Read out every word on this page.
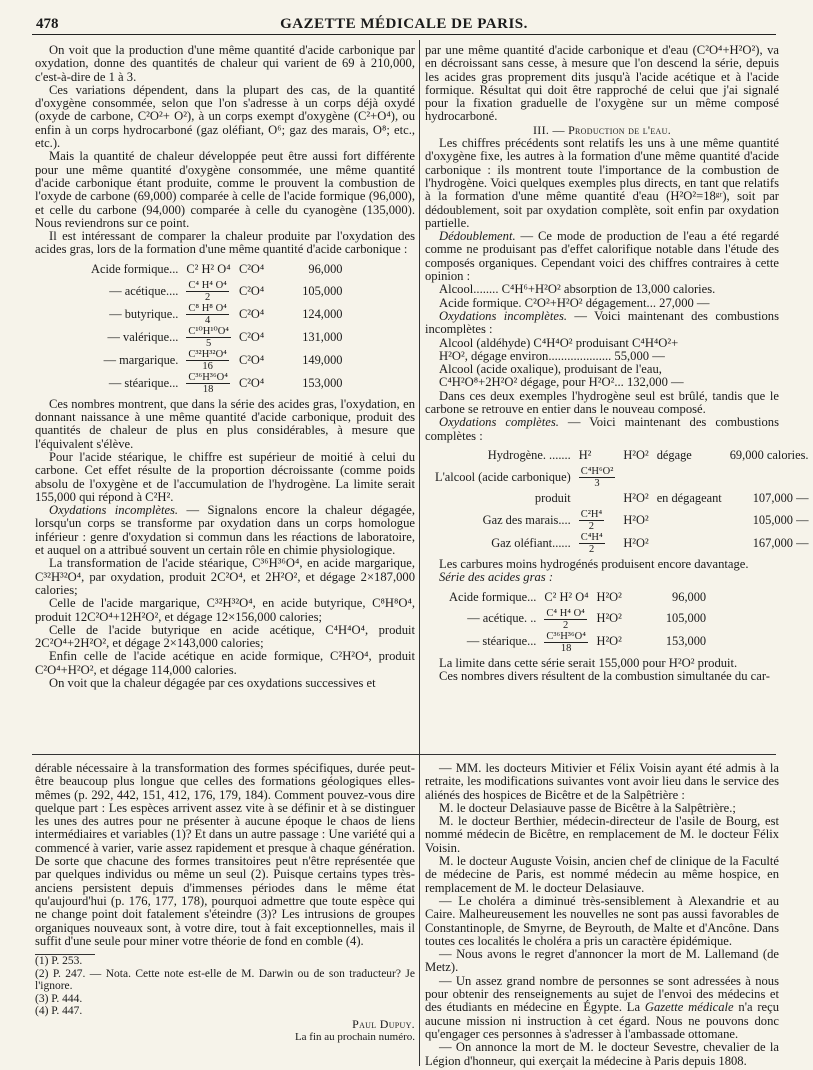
478	GAZETTE MÉDICALE DE PARIS.

On voit que la production d'une même quantité d'acide carbonique par oxydation, donne des quantités de chaleur qui varient de 69 à 210,000, c'est-à-dire de 1 à 3.

Ces variations dépendent, dans la plupart des cas, de la quantité d'oxygène consommée, selon que l'on s'adresse à un corps déjà oxydé (oxyde de carbone, C²O²+ O²), à un corps exempt d'oxygène (C²+O⁴), ou enfin à un corps hydrocarboné (gaz oléfiant, O⁶; gaz des marais, O⁸; etc., etc.).

Mais la quantité de chaleur développée peut être aussi fort différente pour une même quantité d'oxygène consommée, une même quantité d'acide carbonique étant produite, comme le prouvent la combustion de l'oxyde de carbone (69,000) comparée à celle de l'acide formique (96,000), et celle du carbone (94,000) comparée à celle du cyanogène (135,000). Nous reviendrons sur ce point.

Il est intéressant de comparer la chaleur produite par l'oxydation des acides gras, lors de la formation d'une même quantité d'acide carbonique :

Acide formique...	C² H² O⁴	C²O⁴	96,000
— acétique....	$\frac{\text{C⁴ H⁴ O⁴}}{2}$	C²O⁴	105,000
— butyrique..	$\frac{\text{C⁸ H⁸ O⁴}}{4}$	C²O⁴	124,000
— valérique...	$\frac{\text{C¹⁰H¹⁰O⁴}}{5}$	C²O⁴	131,000
— margarique.	$\frac{\text{C³²H³²O⁴}}{16}$	C²O⁴	149,000
— stéarique...	$\frac{\text{C³⁶H³⁶O⁴}}{18}$	C²O⁴	153,000

Ces nombres montrent, que dans la série des acides gras, l'oxydation, en donnant naissance à une même quantité d'acide carbonique, produit des quantités de chaleur de plus en plus considérables, à mesure que l'équivalent s'élève.

Pour l'acide stéarique, le chiffre est supérieur de moitié à celui du carbone. Cet effet résulte de la proportion décroissante (comme poids absolu de l'oxygène et de l'accumulation de l'hydrogène. La limite serait 155,000 qui répond à C²H².

Oxydations incomplètes. — Signalons encore la chaleur dégagée, lorsqu'un corps se transforme par oxydation dans un corps homologue inférieur : genre d'oxydation si commun dans les réactions de laboratoire, et auquel on a attribué souvent un certain rôle en chimie physiologique.

La transformation de l'acide stéarique, C³⁶H³⁶O⁴, en acide margarique, C³²H³²O⁴, par oxydation, produit 2C²O⁴, et 2H²O², et dégage 2×187,000 calories;

Celle de l'acide margarique, C³²H³²O⁴, en acide butyrique, C⁸H⁸O⁴, produit 12C²O⁴+12H²O², et dégage 12×156,000 calories;

Celle de l'acide butyrique en acide acétique, C⁴H⁴O⁴, produit 2C²O⁴+2H²O², et dégage 2×143,000 calories;

Enfin celle de l'acide acétique en acide formique, C²H²O⁴, produit C²O⁴+H²O², et dégage 114,000 calories.

On voit que la chaleur dégagée par ces oxydations successives et

par une même quantité d'acide carbonique et d'eau (C²O⁴+H²O²), va en décroissant sans cesse, à mesure que l'on descend la série, depuis les acides gras proprement dits jusqu'à l'acide acétique et à l'acide formique. Résultat qui doit être rapproché de celui que j'ai signalé pour la fixation graduelle de l'oxygène sur un même composé hydrocarboné.

III. — Production de l'eau.

Les chiffres précédents sont relatifs les uns à une même quantité d'oxygène fixe, les autres à la formation d'une même quantité d'acide carbonique : ils montrent toute l'importance de la combustion de l'hydrogène. Voici quelques exemples plus directs, en tant que relatifs à la formation d'une même quantité d'eau (H²O²=18ᵍʳ), soit par dédoublement, soit par oxydation complète, soit enfin par oxydation partielle.

Dédoublement. — Ce mode de production de l'eau a été regardé comme ne produisant pas d'effet calorifique notable dans l'étude des composés organiques. Cependant voici des chiffres contraires à cette opinion :

Alcool........ C⁴H⁶+H²O² absorption de 13,000 calories.

Acide formique. C²O²+H²O² dégagement... 27,000 —

Oxydations incomplètes. — Voici maintenant des combustions incomplètes :

Alcool (aldéhyde) C⁴H⁴O² produisant C⁴H⁴O²+

H²O², dégage environ.................... 55,000 —

Alcool (acide oxalique), produisant de l'eau,

C⁴H²O⁸+2H²O² dégage, pour H²O²... 132,000 —

Dans ces deux exemples l'hydrogène seul est brûlé, tandis que le carbone se retrouve en entier dans le nouveau composé.

Oxydations complètes. — Voici maintenant des combustions complètes :

Hydrogène. .......	H²	H²O²	dégage	69,000 calories.
L'alcool (acide carbonique)	$\frac{\text{C⁴H⁶O²}}{3}$

produit		H²O²	en dégageant	107,000 —
Gaz des marais....	$\frac{\text{C²H⁴}}{2}$	H²O²		105,000 —
Gaz oléfiant......	$\frac{\text{C⁴H⁴}}{2}$	H²O²		167,000 —

Les carbures moins hydrogénés produisent encore davantage.

Série des acides gras :

Acide formique...	C² H² O⁴	H²O²	96,000
— acétique. ..	$\frac{\text{C⁴ H⁴ O⁴}}{2}$	H²O²	105,000
— stéarique...	$\frac{\text{C³⁶H³⁶O⁴}}{18}$	H²O²	153,000

La limite dans cette série serait 155,000 pour H²O² produit.

Ces nombres divers résultent de la combustion simultanée du car-

dérable nécessaire à la transformation des formes spécifiques, durée peut-être beaucoup plus longue que celles des formations géologiques elles-mêmes (p. 292, 442, 151, 412, 176, 179, 184). Comment pouvez-vous dire quelque part : Les espèces arrivent assez vite à se définir et à se distinguer les unes des autres pour ne présenter à aucune époque le chaos de liens intermédiaires et variables (1)? Et dans un autre passage : Une variété qui a commencé à varier, varie assez rapidement et presque à chaque génération. De sorte que chacune des formes transitoires peut n'être représentée que par quelques individus ou même un seul (2). Puisque certains types très-anciens persistent depuis d'immenses périodes dans le même état qu'aujourd'hui (p. 176, 177, 178), pourquoi admettre que toute espèce qui ne change point doit fatalement s'éteindre (3)? Les intrusions de groupes organiques nouveaux sont, à votre dire, tout à fait exceptionnelles, mais il suffit d'une seule pour miner votre théorie de fond en comble (4).

(1) P. 253.

(2) P. 247. — Nota. Cette note est-elle de M. Darwin ou de son traducteur? Je l'ignore.

(3) P. 444.

(4) P. 447.

Paul Dupuy.

La fin au prochain numéro.

— MM. les docteurs Mitivier et Félix Voisin ayant été admis à la retraite, les modifications suivantes vont avoir lieu dans le service des aliénés des hospices de Bicêtre et de la Salpêtrière :

M. le docteur Delasiauve passe de Bicêtre à la Salpêtrière.;

M. le docteur Berthier, médecin-directeur de l'asile de Bourg, est nommé médecin de Bicêtre, en remplacement de M. le docteur Félix Voisin.

M. le docteur Auguste Voisin, ancien chef de clinique de la Faculté de médecine de Paris, est nommé médecin au même hospice, en remplacement de M. le docteur Delasiauve.

— Le choléra a diminué très-sensiblement à Alexandrie et au Caire. Malheureusement les nouvelles ne sont pas aussi favorables de Constantinople, de Smyrne, de Beyrouth, de Malte et d'Ancône. Dans toutes ces localités le choléra a pris un caractère épidémique.

— Nous avons le regret d'annoncer la mort de M. Lallemand (de Metz).

— Un assez grand nombre de personnes se sont adressées à nous pour obtenir des renseignements au sujet de l'envoi des médecins et des étudiants en médecine en Égypte. La Gazette médicale n'a reçu aucune mission ni instruction à cet égard. Nous ne pouvons donc qu'engager ces personnes à s'adresser à l'ambassade ottomane.

— On annonce la mort de M. le docteur Sevestre, chevalier de la Légion d'honneur, qui exerçait la médecine à Paris depuis 1808.
